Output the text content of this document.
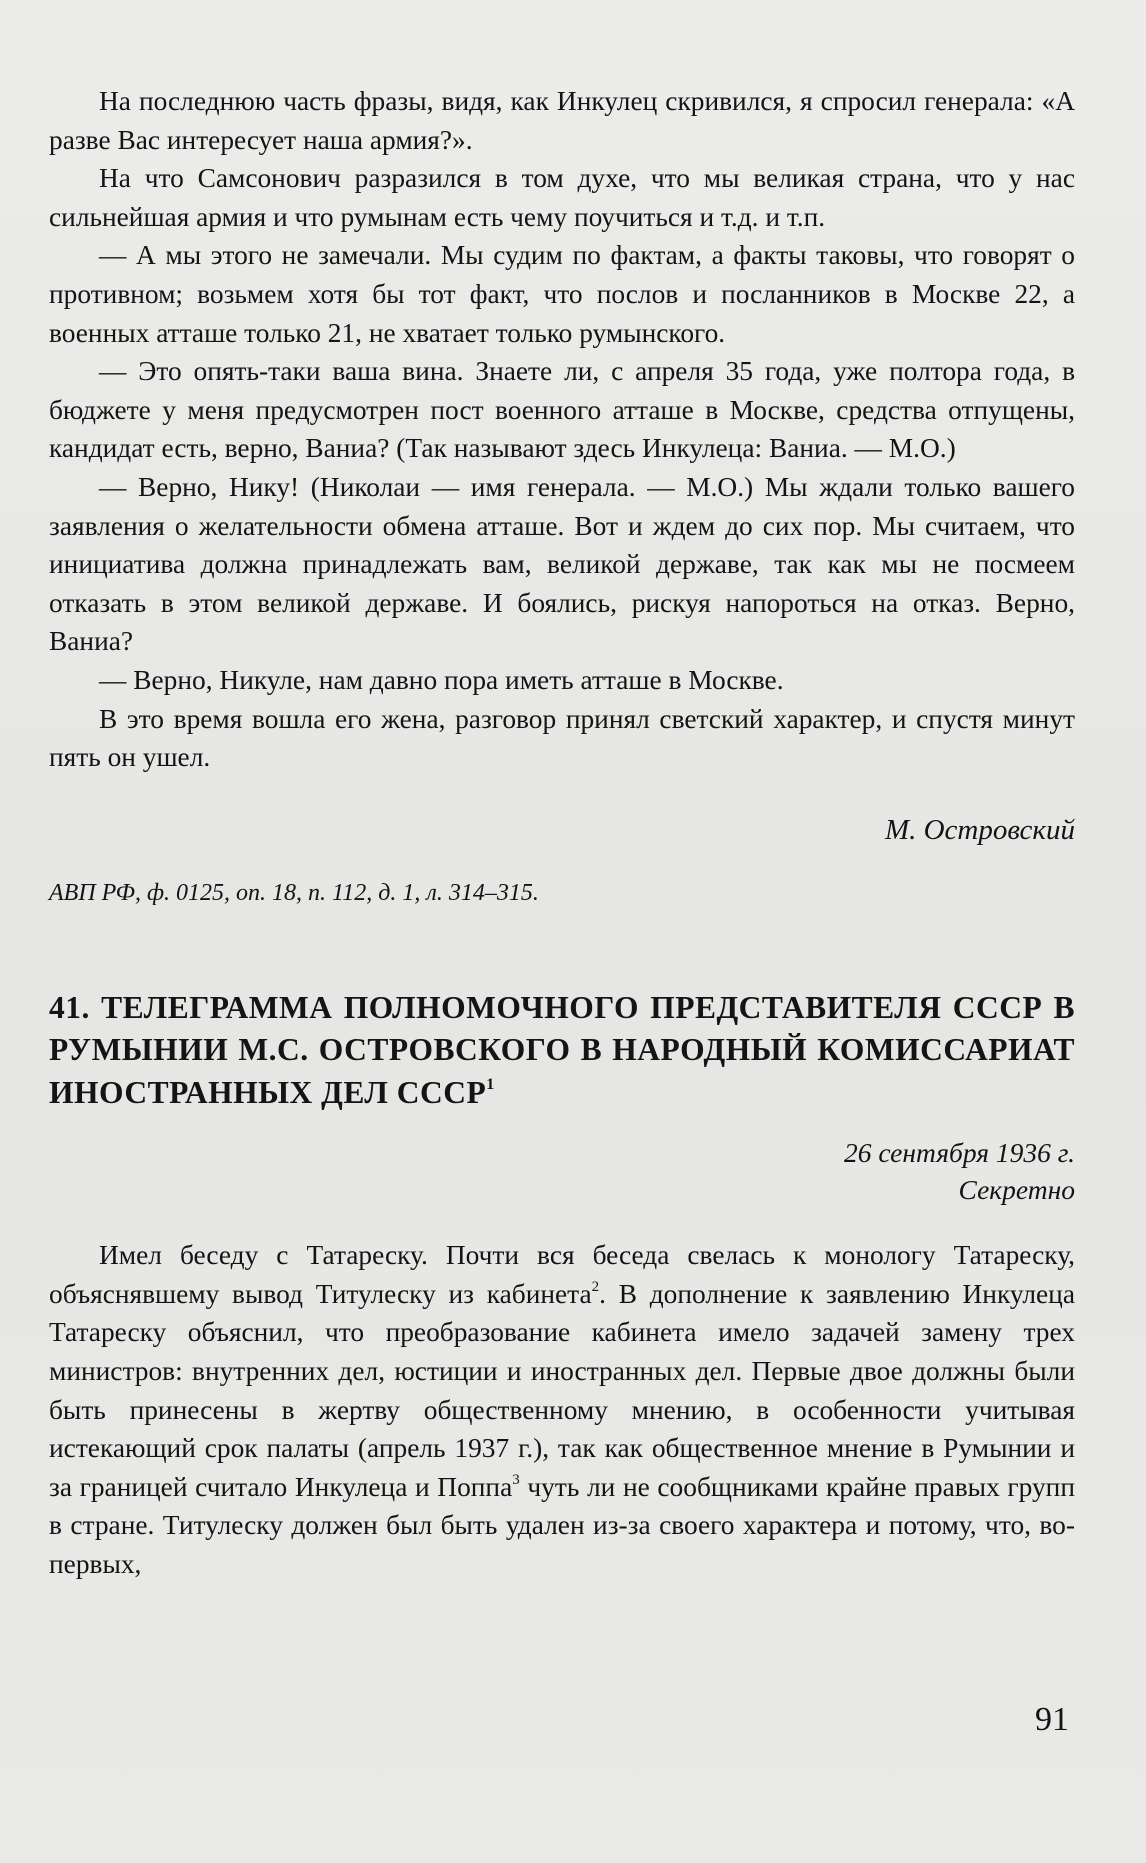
На последнюю часть фразы, видя, как Инкулец скривился, я спросил генерала: «А разве Вас интересует наша армия?».

На что Самсонович разразился в том духе, что мы великая страна, что у нас сильнейшая армия и что румынам есть чему поучиться и т.д. и т.п.

— А мы этого не замечали. Мы судим по фактам, а факты таковы, что говорят о противном; возьмем хотя бы тот факт, что послов и посланников в Москве 22, а военных атташе только 21, не хватает только румынского.

— Это опять-таки ваша вина. Знаете ли, с апреля 35 года, уже полтора года, в бюджете у меня предусмотрен пост военного атташе в Москве, средства отпущены, кандидат есть, верно, Ваниа? (Так называют здесь Инкулеца: Ваниа. — М.О.)

— Верно, Нику! (Николаи — имя генерала. — М.О.) Мы ждали только вашего заявления о желательности обмена атташе. Вот и ждем до сих пор. Мы считаем, что инициатива должна принадлежать вам, великой державе, так как мы не посмеем отказать в этом великой державе. И боялись, рискуя напороться на отказ. Верно, Ваниа?

— Верно, Никуле, нам давно пора иметь атташе в Москве.

В это время вошла его жена, разговор принял светский характер, и спустя минут пять он ушел.

М. Островский

АВП РФ, ф. 0125, оп. 18, п. 112, д. 1, л. 314–315.

41. ТЕЛЕГРАММА ПОЛНОМОЧНОГО ПРЕДСТАВИТЕЛЯ СССР В РУМЫНИИ М.С. ОСТРОВСКОГО В НАРОДНЫЙ КОМИССАРИАТ ИНОСТРАННЫХ ДЕЛ СССР$^1$

26 сентября 1936 г.

Секретно

Имел беседу с Татареску. Почти вся беседа свелась к монологу Татареску, объяснявшему вывод Титулеску из кабинета$^2$. В дополнение к заявлению Инкулеца Татареску объяснил, что преобразование кабинета имело задачей замену трех министров: внутренних дел, юстиции и иностранных дел. Первые двое должны были быть принесены в жертву общественному мнению, в особенности учитывая истекающий срок палаты (апрель 1937 г.), так как общественное мнение в Румынии и за границей считало Инкулеца и Поппа$^3$ чуть ли не сообщниками крайне правых групп в стране. Титулеску должен был быть удален из-за своего характера и потому, что, во-первых,

91
